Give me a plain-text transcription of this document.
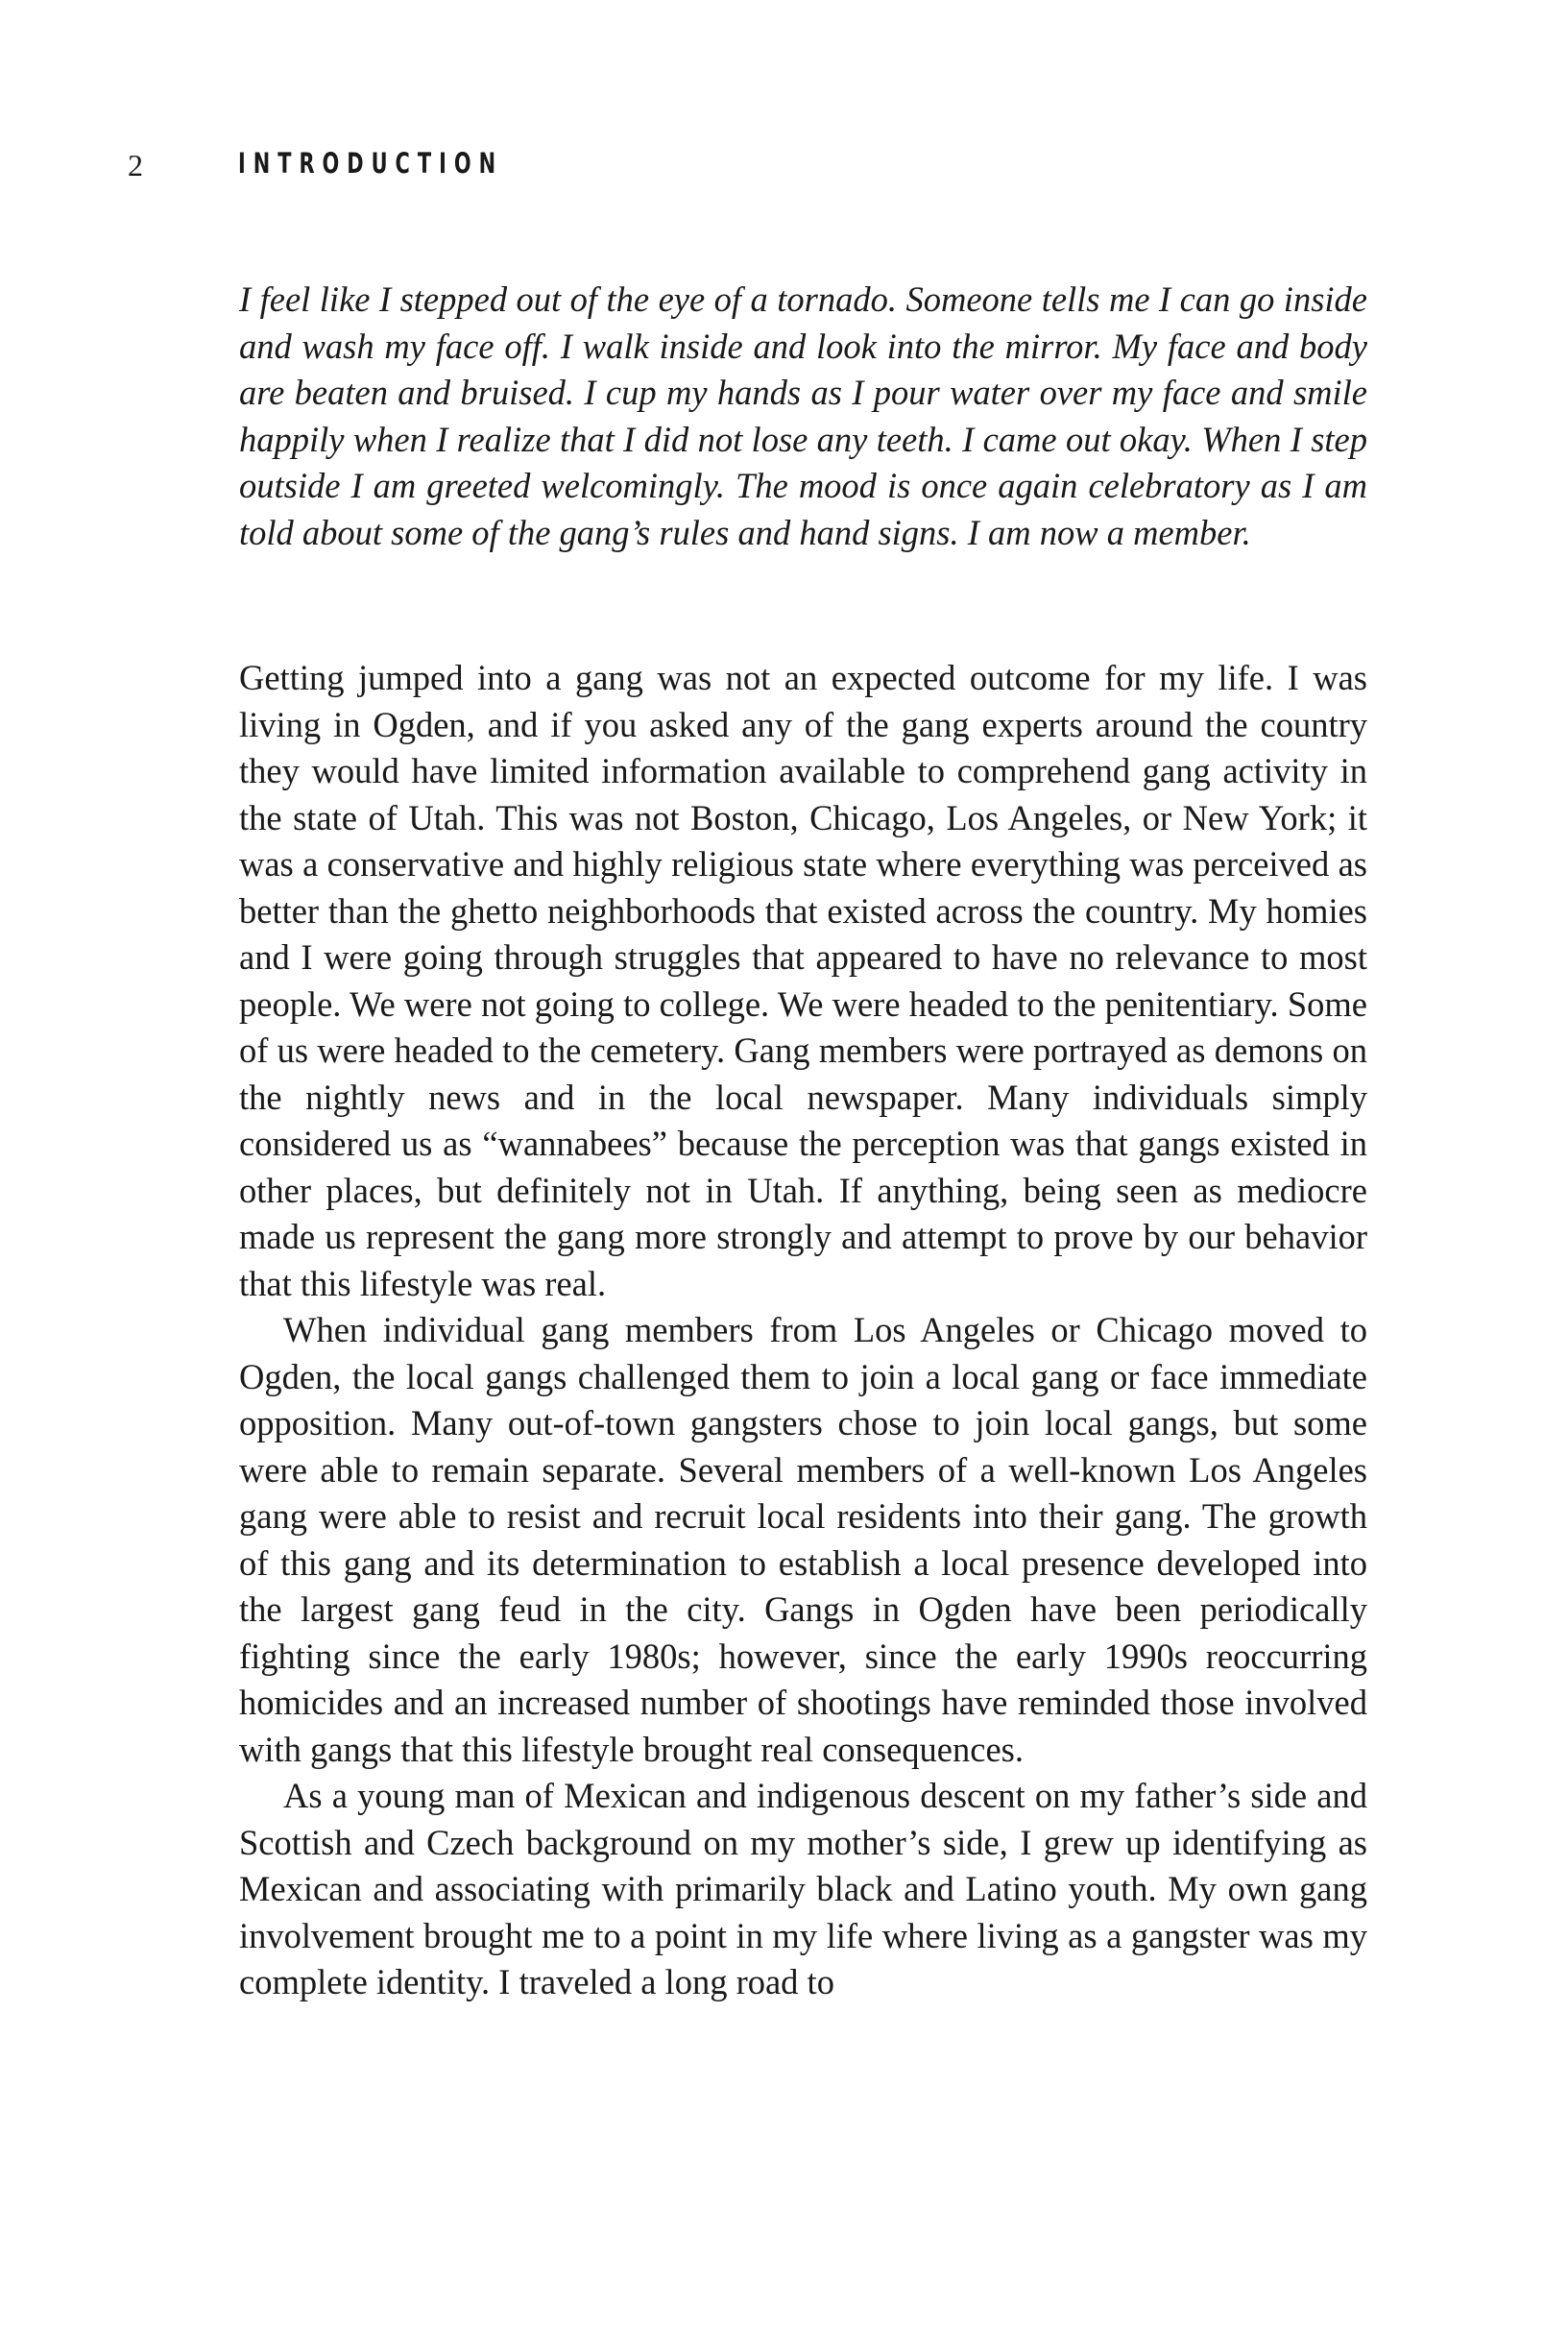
2	INTRODUCTION

I feel like I stepped out of the eye of a tornado. Someone tells me I can go inside and wash my face off. I walk inside and look into the mirror. My face and body are beaten and bruised. I cup my hands as I pour water over my face and smile happily when I realize that I did not lose any teeth. I came out okay. When I step outside I am greeted welcomingly. The mood is once again celebratory as I am told about some of the gang’s rules and hand signs. I am now a member.

Getting jumped into a gang was not an expected outcome for my life. I was living in Ogden, and if you asked any of the gang experts around the country they would have limited information available to comprehend gang activity in the state of Utah. This was not Boston, Chicago, Los Angeles, or New York; it was a conservative and highly religious state where everything was perceived as better than the ghetto neighborhoods that existed across the country. My homies and I were going through struggles that appeared to have no relevance to most people. We were not going to college. We were headed to the penitentiary. Some of us were headed to the cemetery. Gang members were portrayed as demons on the nightly news and in the local newspaper. Many individuals simply considered us as “wannabees” because the perception was that gangs existed in other places, but definitely not in Utah. If anything, being seen as mediocre made us represent the gang more strongly and attempt to prove by our behavior that this lifestyle was real.

When individual gang members from Los Angeles or Chicago moved to Ogden, the local gangs challenged them to join a local gang or face immediate opposition. Many out-of-town gangsters chose to join local gangs, but some were able to remain separate. Several members of a well-known Los Angeles gang were able to resist and recruit local residents into their gang. The growth of this gang and its determination to establish a local presence developed into the largest gang feud in the city. Gangs in Ogden have been periodically fighting since the early 1980s; however, since the early 1990s reoccurring homicides and an increased number of shootings have reminded those involved with gangs that this lifestyle brought real consequences.

As a young man of Mexican and indigenous descent on my father’s side and Scottish and Czech background on my mother’s side, I grew up identifying as Mexican and associating with primarily black and Latino youth. My own gang involvement brought me to a point in my life where living as a gangster was my complete identity. I traveled a long road to
